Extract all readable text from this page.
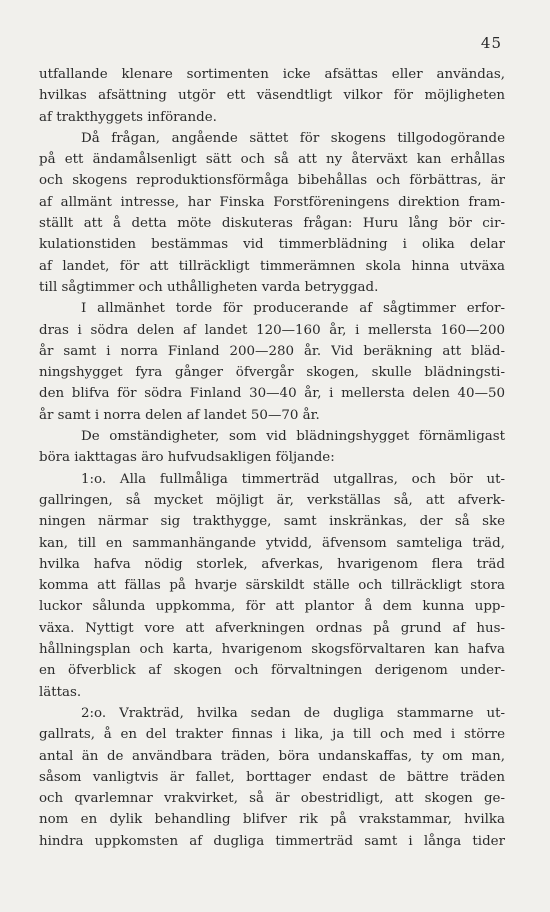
45
utfallande klenare sortimenten icke afsättas eller användas,
hvilkas afsättning utgör ett väsendtligt vilkor för möjligheten
af trakthyggets införande.
Då frågan, angående sättet för skogens tillgodogörande
på ett ändamålsenligt sätt och så att ny återväxt kan erhållas
och skogens reproduktionsförmåga bibehållas och förbättras, är
af allmänt intresse, har Finska Forstföreningens direktion fram-
ställt att å detta möte diskuteras frågan: Huru lång bör cir-
kulationstiden bestämmas vid timmerblädning i olika delar
af landet, för att tillräckligt timmerämnen skola hinna utväxa
till sågtimmer och uthålligheten varda betryggad.
I allmänhet torde för producerande af sågtimmer erfor-
dras i södra delen af landet 120—160 år, i mellersta 160—200
år samt i norra Finland 200—280 år. Vid beräkning att bläd-
ningshygget fyra gånger öfvergår skogen, skulle blädningsti-
den blifva för södra Finland 30—40 år, i mellersta delen 40—50
år samt i norra delen af landet 50—70 år.
De omständigheter, som vid blädningshygget förnämligast
böra iakttagas äro hufvudsakligen följande:
1:o. Alla fullmåliga timmerträd utgallras, och bör ut-
gallringen, så mycket möjligt är, verkställas så, att afverk-
ningen närmar sig trakthygge, samt inskränkas, der så ske
kan, till en sammanhängande ytvidd, äfvensom samteliga träd,
hvilka hafva nödig storlek, afverkas, hvarigenom flera träd
komma att fällas på hvarje särskildt ställe och tillräckligt stora
luckor sålunda uppkomma, för att plantor å dem kunna upp-
växa. Nyttigt vore att afverkningen ordnas på grund af hus-
hållningsplan och karta, hvarigenom skogsförvaltaren kan hafva
en öfverblick af skogen och förvaltningen derigenom under-
lättas.
2:o. Vrakträd, hvilka sedan de dugliga stammarne ut-
gallrats, å en del trakter finnas i lika, ja till och med i större
antal än de användbara träden, böra undanskaffas, ty om man,
såsom vanligtvis är fallet, borttager endast de bättre träden
och qvarlemnar vrakvirket, så är obestridligt, att skogen ge-
nom en dylik behandling blifver rik på vrakstammar, hvilka
hindra uppkomsten af dugliga timmerträd samt i långa tider
